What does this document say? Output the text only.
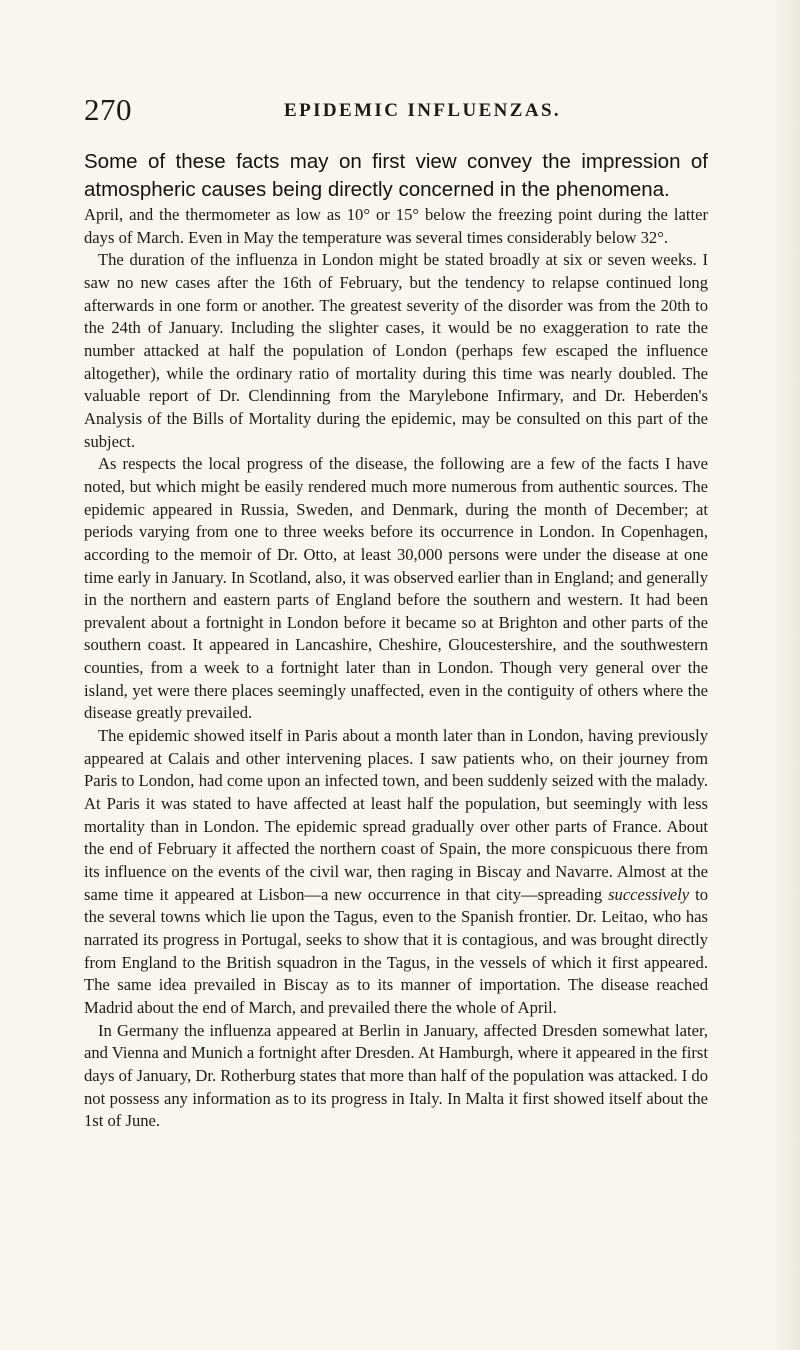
270	EPIDEMIC INFLUENZAS.
Some of these facts may on first view convey the impression of atmospheric causes being directly concerned in the phenomena.

April, and the thermometer as low as 10° or 15° below the freezing point during the latter days of March. Even in May the temperature was several times considerably below 32°.

The duration of the influenza in London might be stated broadly at six or seven weeks. I saw no new cases after the 16th of February, but the tendency to relapse continued long afterwards in one form or another. The greatest severity of the disorder was from the 20th to the 24th of January. Including the slighter cases, it would be no exaggeration to rate the number attacked at half the population of London (perhaps few escaped the influence altogether), while the ordinary ratio of mortality during this time was nearly doubled. The valuable report of Dr. Clendinning from the Marylebone Infirmary, and Dr. Heberden's Analysis of the Bills of Mortality during the epidemic, may be consulted on this part of the subject.

As respects the local progress of the disease, the following are a few of the facts I have noted, but which might be easily rendered much more numerous from authentic sources. The epidemic appeared in Russia, Sweden, and Denmark, during the month of December; at periods varying from one to three weeks before its occurrence in London. In Copenhagen, according to the memoir of Dr. Otto, at least 30,000 persons were under the disease at one time early in January. In Scotland, also, it was observed earlier than in England; and generally in the northern and eastern parts of England before the southern and western. It had been prevalent about a fortnight in London before it became so at Brighton and other parts of the southern coast. It appeared in Lancashire, Cheshire, Gloucestershire, and the southwestern counties, from a week to a fortnight later than in London. Though very general over the island, yet were there places seemingly unaffected, even in the contiguity of others where the disease greatly prevailed.

The epidemic showed itself in Paris about a month later than in London, having previously appeared at Calais and other intervening places. I saw patients who, on their journey from Paris to London, had come upon an infected town, and been suddenly seized with the malady. At Paris it was stated to have affected at least half the population, but seemingly with less mortality than in London. The epidemic spread gradually over other parts of France. About the end of February it affected the northern coast of Spain, the more conspicuous there from its influence on the events of the civil war, then raging in Biscay and Navarre. Almost at the same time it appeared at Lisbon—a new occurrence in that city—spreading successively to the several towns which lie upon the Tagus, even to the Spanish frontier. Dr. Leitao, who has narrated its progress in Portugal, seeks to show that it is contagious, and was brought directly from England to the British squadron in the Tagus, in the vessels of which it first appeared. The same idea prevailed in Biscay as to its manner of importation. The disease reached Madrid about the end of March, and prevailed there the whole of April.

In Germany the influenza appeared at Berlin in January, affected Dresden somewhat later, and Vienna and Munich a fortnight after Dresden. At Hamburgh, where it appeared in the first days of January, Dr. Rotherburg states that more than half of the population was attacked. I do not possess any information as to its progress in Italy. In Malta it first showed itself about the 1st of June.
